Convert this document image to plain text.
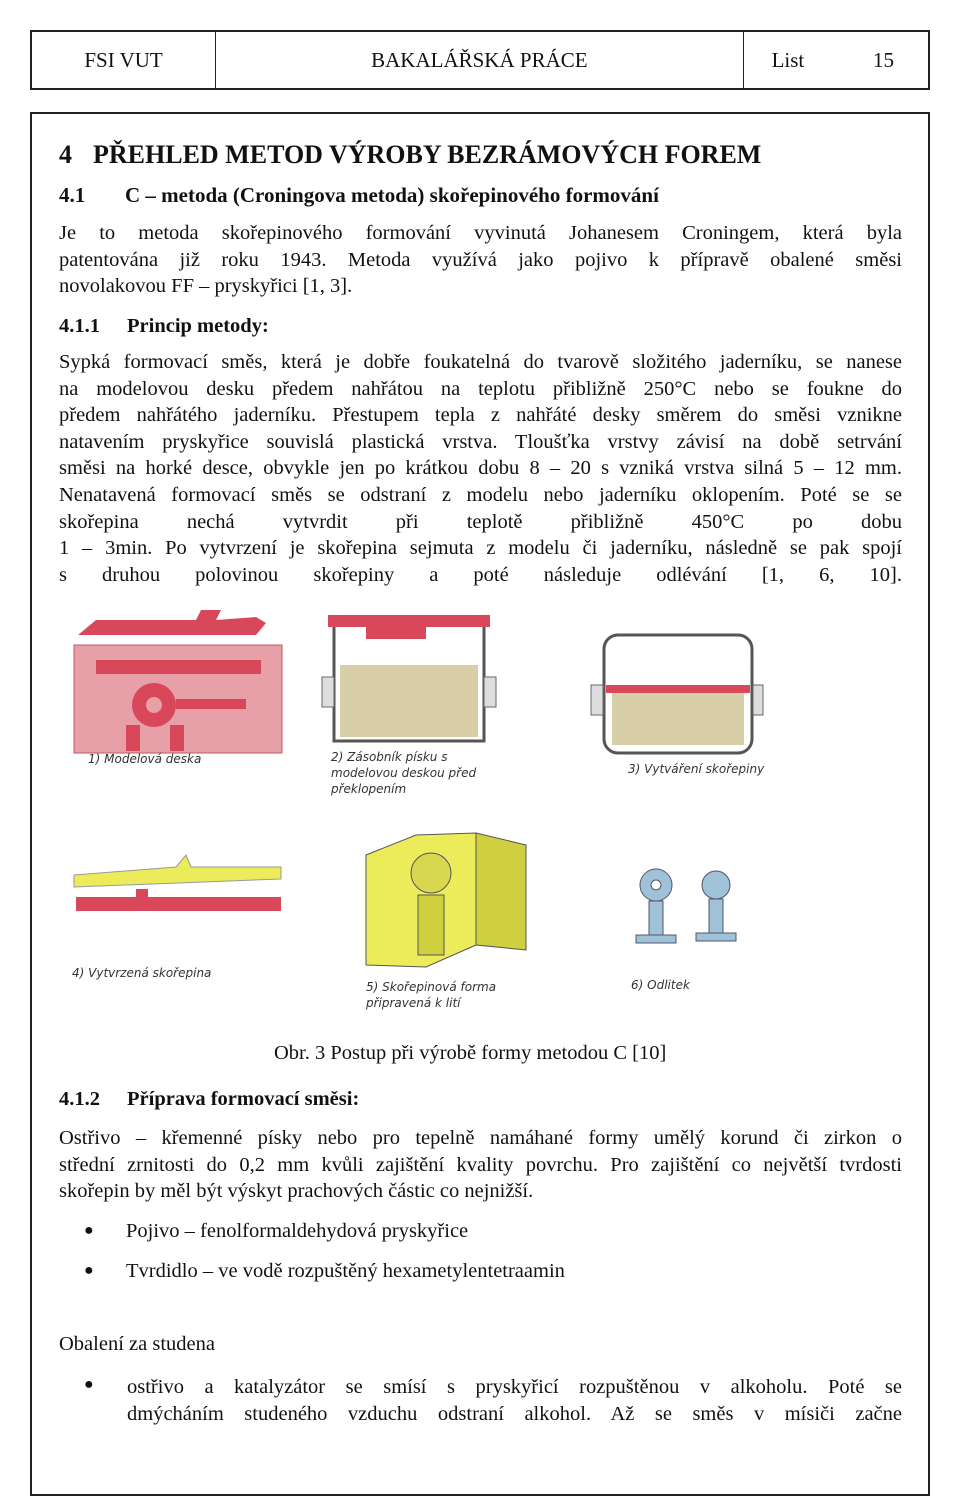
FSI VUT	BAKALÁŘSKÁ PRÁCE	List	15
4 PŘEHLED METOD VÝROBY BEZRÁMOVÝCH FOREM
4.1 C – metoda (Croningova metoda) skořepinového formování
Je to metoda skořepinového formování vyvinutá Johanesem Croningem, která byla
patentována již roku 1943. Metoda využívá jako pojivo k přípravě obalené směsi
novolakovou FF – pryskyřici [1, 3].
4.1.1 Princip metody:
Sypká formovací směs, která je dobře foukatelná do tvarově složitého jaderníku, se nanese
na modelovou desku předem nahřátou na teplotu přibližně 250°C nebo se foukne do
předem nahřátého jaderníku. Přestupem tepla z nahřáté desky směrem do směsi vznikne
natavením pryskyřice souvislá plastická vrstva. Tloušťka vrstvy závisí na době setrvání
směsi na horké desce, obvykle jen po krátkou dobu 8 – 20 s vzniká vrstva silná 5 – 12 mm.
Nenatavená formovací směs se odstraní z modelu nebo jaderníku oklopením. Poté se se
skořepina nechá vytvrdit při teplotě přibližně 450°C po dobu
1 – 3min. Po vytvrzení je skořepina sejmuta z modelu či jaderníku, následně se pak spojí
s druhou polovinou skořepiny a poté následuje odlévání [1, 6, 10].
1) Modelová deska	2) Zásobník písku s
modelovou deskou před
překlopením
3) Vytváření skořepiny
4) Vytvrzená skořepina
5) Skořepinová forma
připravená k lití
6) Odlitek
Obr. 3 Postup při výrobě formy metodou C [10]
4.1.2 Příprava formovací směsi:
Ostřivo – křemenné písky nebo pro tepelně namáhané formy umělý korund či zirkon o
střední zrnitosti do 0,2 mm kvůli zajištění kvality povrchu. Pro zajištění co největší tvrdosti
skořepin by měl být výskyt prachových částic co nejnižší.
● Pojivo – fenolformaldehydová pryskyřice
● Tvrdidlo – ve vodě rozpuštěný hexametylentetraamin
Obalení za studena
●	ostřivo a katalyzátor se smísí s pryskyřicí rozpuštěnou v alkoholu. Poté se
dmýcháním studeného vzduchu odstraní alkohol. Až se směs v mísiči začne
